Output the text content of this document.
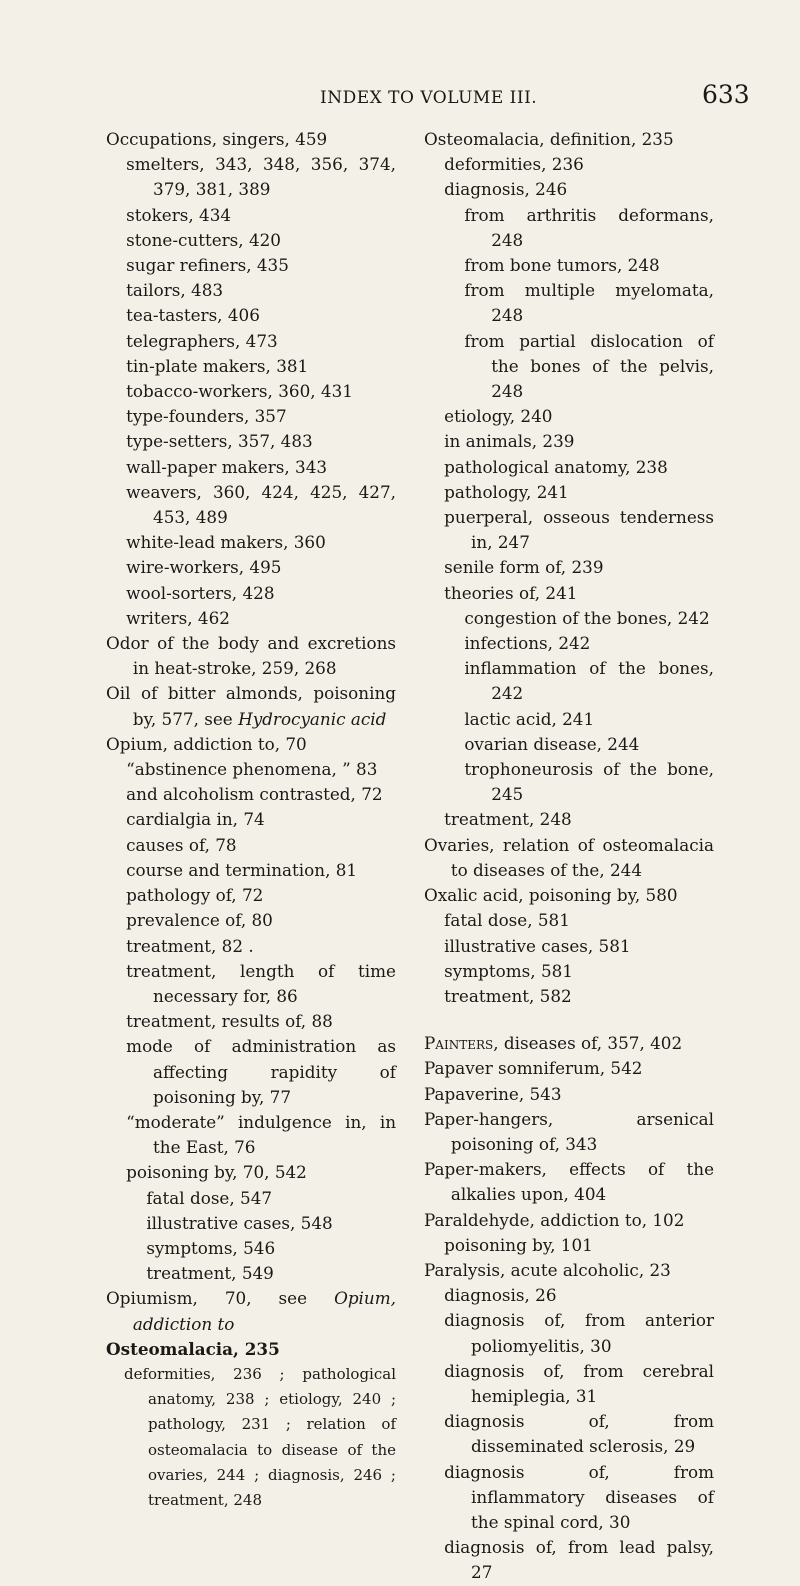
INDEX TO VOLUME III.	633
Occupations, singers, 459
smelters, 343, 348, 356, 374, 379, 381, 389
stokers, 434
stone-cutters, 420
sugar refiners, 435
tailors, 483
tea-tasters, 406
telegraphers, 473
tin-plate makers, 381
tobacco-workers, 360, 431
type-founders, 357
type-setters, 357, 483
wall-paper makers, 343
weavers, 360, 424, 425, 427, 453, 489
white-lead makers, 360
wire-workers, 495
wool-sorters, 428
writers, 462
Odor of the body and excretions in heat-stroke, 259, 268
Oil of bitter almonds, poisoning by, 577, see Hydrocyanic acid
Opium, addiction to, 70
“abstinence phenomena, ” 83
and alcoholism contrasted, 72
cardialgia in, 74
causes of, 78
course and termination, 81
pathology of, 72
prevalence of, 80
treatment, 82 .
treatment, length of time necessary for, 86
treatment, results of, 88
mode of administration as affecting rapidity of poisoning by, 77
“moderate” indulgence in, in the East, 76
poisoning by, 70, 542
fatal dose, 547
illustrative cases, 548
symptoms, 546
treatment, 549
Opiumism, 70, see Opium, addiction to
Osteomalacia, 235
deformities, 236 ; pathological anatomy, 238 ; etiology, 240 ; pathology, 231 ; relation of osteomalacia to disease of the ovaries, 244 ; diagnosis, 246 ; treatment, 248
Osteomalacia, definition, 235
deformities, 236
diagnosis, 246
from arthritis deformans, 248
from bone tumors, 248
from multiple myelomata, 248
from partial dislocation of the bones of the pelvis, 248
etiology, 240
in animals, 239
pathological anatomy, 238
pathology, 241
puerperal, osseous tenderness in, 247
senile form of, 239
theories of, 241
congestion of the bones, 242
infections, 242
inflammation of the bones, 242
lactic acid, 241
ovarian disease, 244
trophoneurosis of the bone, 245
treatment, 248
Ovaries, relation of osteomalacia to diseases of the, 244
Oxalic acid, poisoning by, 580
fatal dose, 581
illustrative cases, 581
symptoms, 581
treatment, 582
Painters, diseases of, 357, 402
Papaver somniferum, 542
Papaverine, 543
Paper-hangers, arsenical poisoning of, 343
Paper-makers, effects of the alkalies upon, 404
Paraldehyde, addiction to, 102
poisoning by, 101
Paralysis, acute alcoholic, 23
diagnosis, 26
diagnosis of, from anterior poliomyelitis, 30
diagnosis of, from cerebral hemiplegia, 31
diagnosis of, from disseminated sclerosis, 29
diagnosis of, from inflammatory diseases of the spinal cord, 30
diagnosis of, from lead palsy, 27
